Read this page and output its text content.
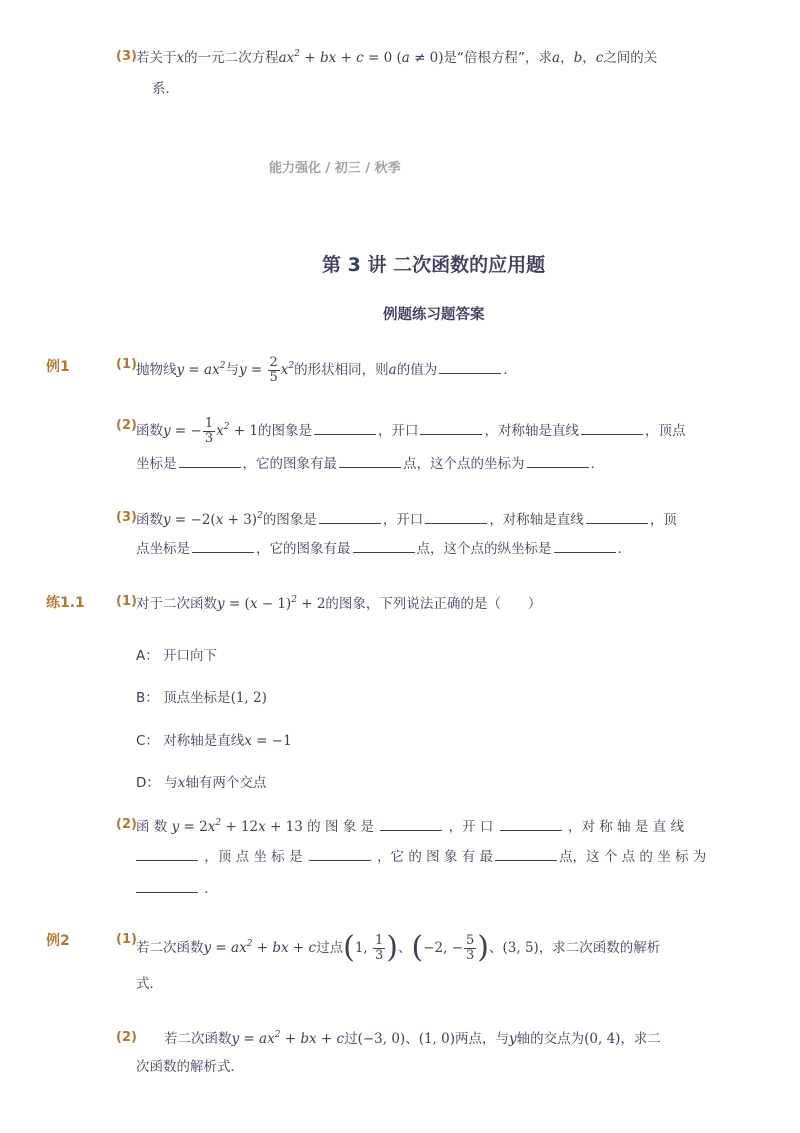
(3) 若关于x的一元二次方程$ax^2$ + bx + c = 0 (a ≠ 0)是“倍根方程”，求a，b，c之间的关
系．
能力强化 / 初三 / 秋季
第 3 讲 二次函数的应用题
例题练习题答案
例1	(1) 抛物线$y = ax^2$与$y = \frac{2}{5} x^2$的形状相同，则a的值为	．
(2) 函数y = − $\frac{1}{3} x^2 + 1$的图象是	，开口	，对称轴是直线	，顶点
坐标是	，它的图象有最	点，这个点的坐标为	．
(3) 函数$y = -2(x + 3)^2$的图象是	，开口	，对称轴是直线	，顶
点坐标是	，它的图象有最	点，这个点的纵坐标是	．
练1.1 (1) 对于二次函数$y = (x - 1)^2 + 2$的图象，下列说法正确的是（　　）
A： 开口向下
B： 顶点坐标是(1, 2)
C： 对称轴是直线x = −1
D： 与x轴有两个交点
(2) 函 数 $y = 2x^2 + 12x + 13$ 的 图 象 是	，开 口	，对 称 轴 是 直 线
，顶 点 坐 标 是	，它 的 图 象 有 最	点，这 个 点 的 坐 标 为
．
例2	(1)
若二次函数$y = ax^2$ + bx + c过点(1, $\frac{1}{3}$ )、(−2, − $\frac{5}{3}$ )、(3, 5)，求二次函数的解析
式．
(2) 若二次函数$y = ax^2$ + bx + c过(−3, 0)、(1, 0)两点，与y轴的交点为(0, 4)，求二
次函数的解析式．
